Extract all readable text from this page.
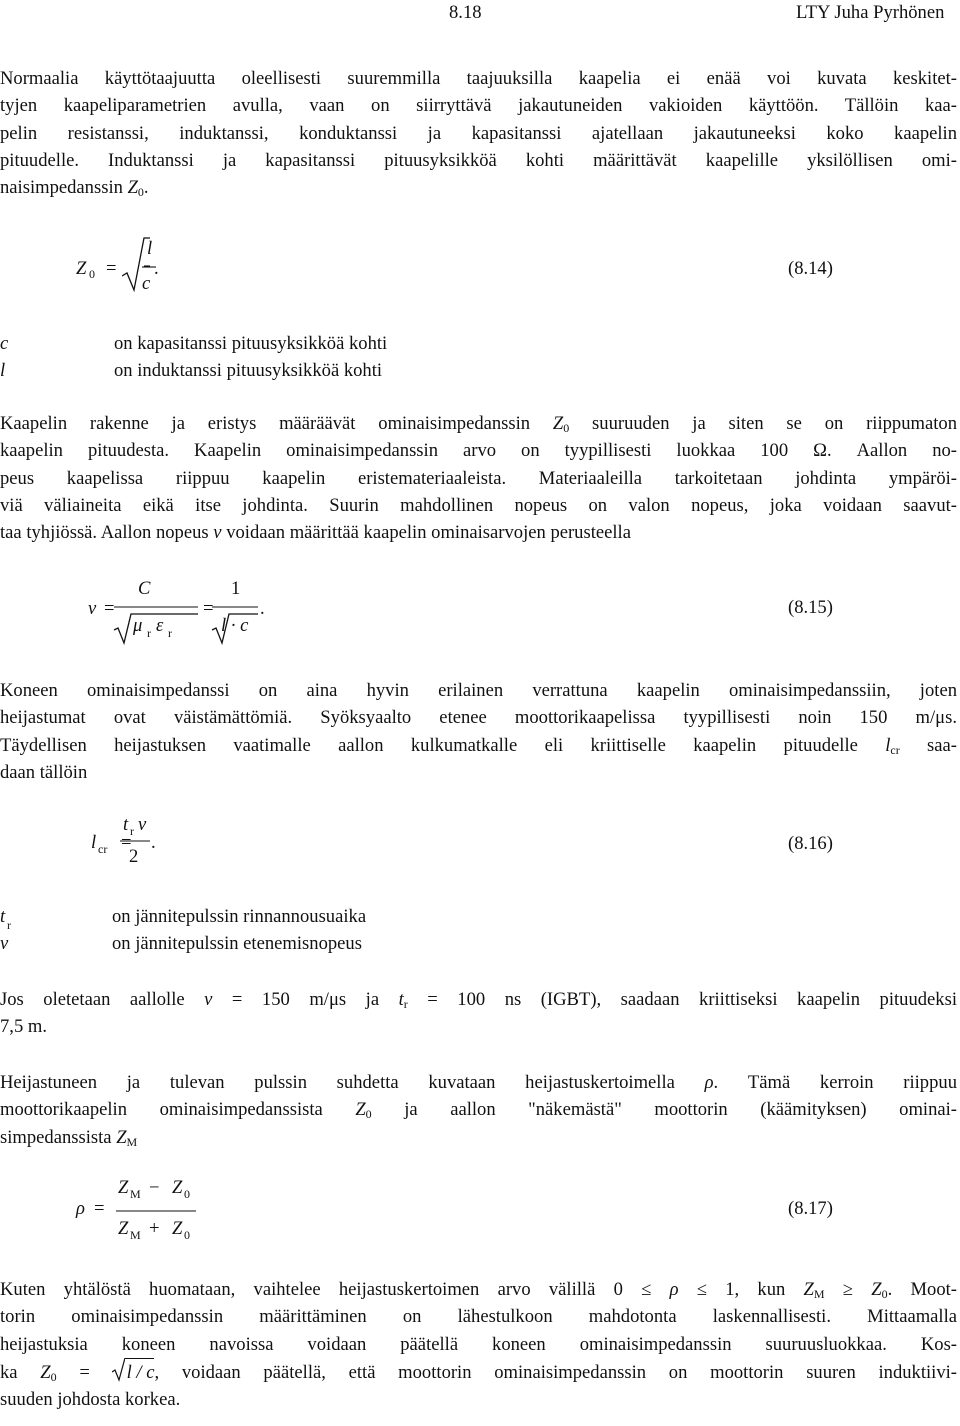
8.18	LTY Juha Pyrhönen
Normaalia käyttötaajuutta oleellisesti suuremmilla taajuuksilla kaapelia ei enää voi kuvata keskitet-
tyjen kaapeliparametrien avulla, vaan on siirryttävä jakautuneiden vakioiden käyttöön. Tällöin kaa-
pelin resistanssi, induktanssi, konduktanssi ja kapasitanssi ajatellaan jakautuneeksi koko kaapelin
pituudelle. Induktanssi ja kapasitanssi pituusyksikköä kohti määrittävät kaapelille yksilöllisen omi-
naisimpedanssin $Z_0$.
Z 0 =
l
c
.	(8.14)
c	on kapasitanssi pituusyksikköä kohti
l	on induktanssi pituusyksikköä kohti
Kaapelin rakenne ja eristys määräävät ominaisimpedanssin $Z_0$ suuruuden ja siten se on riippumaton
kaapelin pituudesta. Kaapelin ominaisimpedanssin arvo on tyypillisesti luokkaa 100 Ω. Aallon no-
peus kaapelissa riippuu kaapelin eristemateriaaleista. Materiaaleilla tarkoitetaan johdinta ympäröi-
viä väliaineita eikä itse johdinta. Suurin mahdollinen nopeus on valon nopeus, joka voidaan saavut-
taa tyhjiössä. Aallon nopeus v voidaan määrittää kaapelin ominaisarvojen perusteella
v =
C
μ r ε r
=
1
l · c
.	(8.15)
Koneen ominaisimpedanssi on aina hyvin erilainen verrattuna kaapelin ominaisimpedanssiin, joten
heijastumat ovat väistämättömiä. Syöksyaalto etenee moottorikaapelissa tyypillisesti noin 150 m/μs.
Täydellisen heijastuksen vaatimalle aallon kulkumatkalle eli kriittiselle kaapelin pituudelle $l_{cr}$ saa-
daan tällöin
l cr =
t r v
2
.	(8.16)
t r	on jännitepulssin rinnannousuaika
v	on jännitepulssin etenemisnopeus
Jos oletetaan aallolle v = 150 m/μs ja $t_r = 100$ ns (IGBT), saadaan kriittiseksi kaapelin pituudeksi
7,5 m.
Heijastuneen ja tulevan pulssin suhdetta kuvataan heijastuskertoimella ρ. Tämä kerroin riippuu
moottorikaapelin ominaisimpedanssista $Z_0$ ja aallon "näkemästä" moottorin (käämityksen) ominai-
simpedanssista $Z_M$
ρ =
Z M − Z 0
Z M + Z 0
(8.17)
Kuten yhtälöstä huomataan, vaihtelee heijastuskertoimen arvo välillä 0 ≤ ρ ≤ 1, kun $Z_M \ge Z_0$. Moot-
torin ominaisimpedanssin määrittäminen on lähestulkoon mahdotonta laskennallisesti. Mittaamalla
heijastuksia koneen navoissa voidaan päätellä koneen ominaisimpedanssin suuruusluokkaa. Kos-
ka $Z_0$ =
l / c, voidaan päätellä, että moottorin ominaisimpedanssin on moottorin suuren induktiivi-
suuden johdosta korkea.
